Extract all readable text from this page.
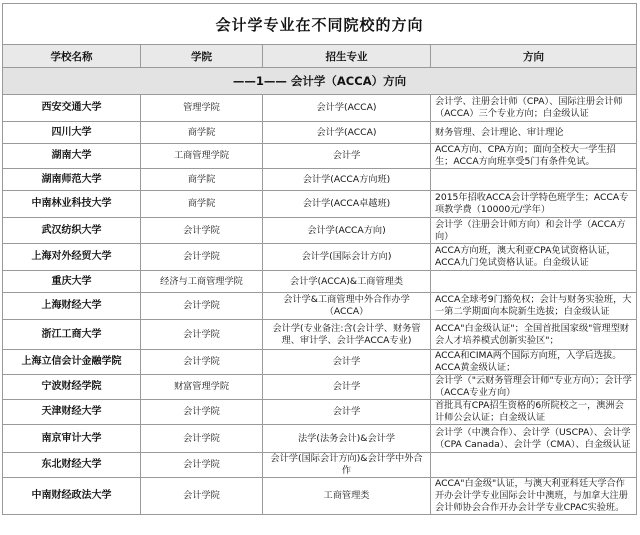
会计学专业在不同院校的方向			
学校名称	学院	招生专业	方向
——1—— 会计学（ACCA）方向			
西安交通大学	管理学院	会计学(ACCA)	会计学、注册会计师（CPA）、国际注册会计师（ACCA）三个专业方向；白金级认证
四川大学	商学院	会计学(ACCA)	财务管理、会计理论、审计理论
湖南大学	工商管理学院	会计学	ACCA方向、CPA方向；面向全校大一学生招生；ACCA方向班享受5门有条件免试。
湖南师范大学	商学院	会计学(ACCA方向班)	
中南林业科技大学	商学院	会计学(ACCA卓越班)	2015年招收ACCA会计学特色班学生；ACCA专项教学费（10000元/学年）
武汉纺织大学	会计学院	会计学(ACCA方向)	会计学（注册会计师方向）和会计学（ACCA方向）
上海对外经贸大学	会计学院	会计学(国际会计方向)	ACCA方向班，澳大利亚CPA免试资格认证，ACCA九门免试资格认证。白金级认证
重庆大学	经济与工商管理学院	会计学(ACCA)&工商管理类	
上海财经大学	会计学院	会计学&工商管理中外合作办学（ACCA）	ACCA全球考9门豁免权；会计与财务实验班，大一第二学期面向本院新生选拔；白金级认证
浙江工商大学	会计学院	会计学(专业备注:含(会计学、财务管理、审计学、会计学ACCA专业)	ACCA"白金级认证"；全国首批国家级"管理型财会人才培养模式创新实验区"；
上海立信会计金融学院	会计学院	会计学	ACCA和CIMA两个国际方向班，入学后选拔。ACCA黄金级认证；
宁波财经学院	财富管理学院	会计学	会计学（"云财务管理会计师"专业方向）；会计学（ACCA专业方向）
天津财经大学	会计学院	会计学	首批具有CPA招生资格的6所院校之一，澳洲会计师公会认证；白金级认证
南京审计大学	会计学院	法学(法务会计)&会计学	会计学（中澳合作）、会计学（USCPA）、会计学（CPA Canada）、会计学（CMA）、白金级认证
东北财经大学	会计学院	会计学(国际会计方向)&会计学中外合作	
中南财经政法大学	会计学院	工商管理类	ACCA"白金级"认证，与澳大利亚科廷大学合作开办会计学专业国际会计中澳班，与加拿大注册会计师协会合作开办会计学专业CPAC实验班。
